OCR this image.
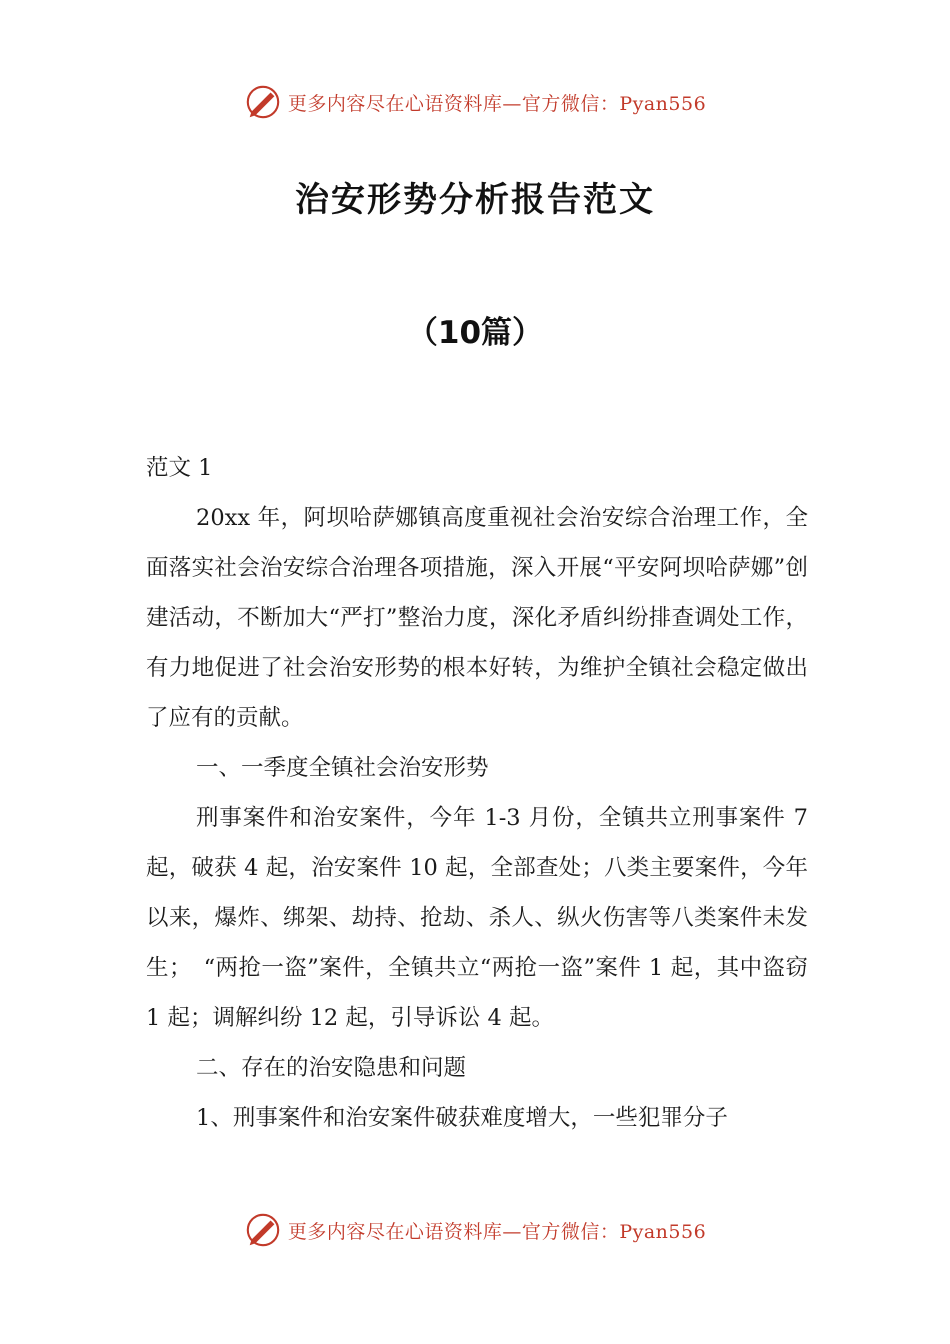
更多内容尽在心语资料库—官方微信：Pyan556
治安形势分析报告范文
（10篇）

范文 1

20xx 年，阿坝哈萨娜镇高度重视社会治安综合治理工作，全面落实社会治安综合治理各项措施，深入开展“平安阿坝哈萨娜”创建活动，不断加大“严打”整治力度，深化矛盾纠纷排查调处工作，有力地促进了社会治安形势的根本好转，为维护全镇社会稳定做出了应有的贡献。

一、一季度全镇社会治安形势

刑事案件和治安案件，今年 1-3 月份，全镇共立刑事案件 7 起，破获 4 起，治安案件 10 起，全部查处；八类主要案件，今年以来，爆炸、绑架、劫持、抢劫、杀人、纵火伤害等八类案件未发生；　“两抢一盗”案件，全镇共立“两抢一盗”案件 1 起，其中盗窃 1 起；调解纠纷 12 起，引导诉讼 4 起。

二、存在的治安隐患和问题

1、刑事案件和治安案件破获难度增大，一些犯罪分子

更多内容尽在心语资料库—官方微信：Pyan556
